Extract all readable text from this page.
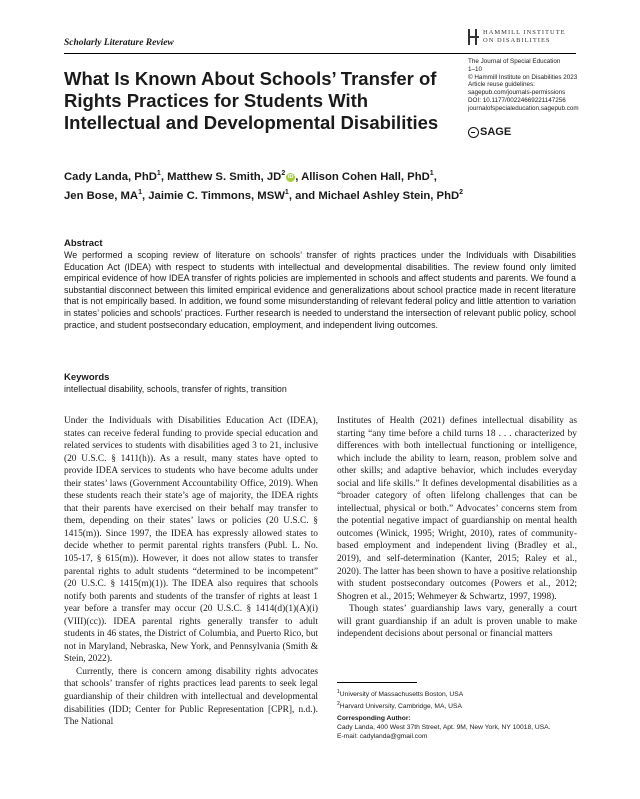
Scholarly Literature Review
HAMMILL INSTITUTE
ON DISABILITIES
The Journal of Special Education
1–10
© Hammill Institute on Disabilities 2023
Article reuse guidelines:
sagepub.com/journals-permissions
DOI: 10.1177/00224669221147256
journalofspecialeducation.sagepub.com
SAGE
What Is Known About Schools’ Transfer of Rights Practices for Students With Intellectual and Developmental Disabilities
Cady Landa, PhD$^1$, Matthew S. Smith, $JD^2$ iD , Allison Cohen Hall, PhD$^1$,
Jen Bose, $MA^1$, Jaimie C. Timmons, MSW$^1$, and Michael Ashley Stein, PhD$^2$
Abstract
We performed a scoping review of literature on schools’ transfer of rights practices under the Individuals with Disabilities Education Act (IDEA) with respect to students with intellectual and developmental disabilities. The review found only limited empirical evidence of how IDEA transfer of rights policies are implemented in schools and affect students and parents. We found a substantial disconnect between this limited empirical evidence and generalizations about school practice made in recent literature that is not empirically based. In addition, we found some misunderstanding of relevant federal policy and little attention to variation in states’ policies and schools’ practices. Further research is needed to understand the intersection of relevant public policy, school practice, and student postsecondary education, employment, and independent living outcomes.
Keywords
intellectual disability, schools, transfer of rights, transition

Under the Individuals with Disabilities Education Act (IDEA), states can receive federal funding to provide special education and related services to students with disabilities aged 3 to 21, inclusive (20 U.S.C. § 1411(h)). As a result, many states have opted to provide IDEA services to students who have become adults under their states’ laws (Government Accountability Office, 2019). When these students reach their state’s age of majority, the IDEA rights that their parents have exercised on their behalf may transfer to them, depending on their states’ laws or policies (20 U.S.C. § 1415(m)). Since 1997, the IDEA has expressly allowed states to decide whether to permit parental rights transfers (Publ. L. No. 105-17, § 615(m)). However, it does not allow states to transfer parental rights to adult students “determined to be incompetent” (20 U.S.C. § 1415(m)(1)). The IDEA also requires that schools notify both parents and students of the transfer of rights at least 1 year before a transfer may occur (20 U.S.C. § 1414(d)(1)(A)(i)(VIII)(cc)). IDEA parental rights generally transfer to adult students in 46 states, the District of Columbia, and Puerto Rico, but not in Maryland, Nebraska, New York, and Pennsylvania (Smith & Stein, 2022).

Currently, there is concern among disability rights advocates that schools’ transfer of rights practices lead parents to seek legal guardianship of their children with intellectual and developmental disabilities (IDD; Center for Public Representation [CPR], n.d.). The National

Institutes of Health (2021) defines intellectual disability as starting “any time before a child turns 18 . . . characterized by differences with both intellectual functioning or intelligence, which include the ability to learn, reason, problem solve and other skills; and adaptive behavior, which includes everyday social and life skills.” It defines developmental disabilities as a “broader category of often lifelong challenges that can be intellectual, physical or both.” Advocates’ concerns stem from the potential negative impact of guardianship on mental health outcomes (Winick, 1995; Wright, 2010), rates of community-based employment and independent living (Bradley et al., 2019), and self-determination (Kanter, 2015; Raley et al., 2020). The latter has been shown to have a positive relationship with student postsecondary outcomes (Powers et al., 2012; Shogren et al., 2015; Wehmeyer & Schwartz, 1997, 1998).

Though states’ guardianship laws vary, generally a court will grant guardianship if an adult is proven unable to make independent decisions about personal or financial matters

$^1$University of Massachusetts Boston, USA
$^2$Harvard University, Cambridge, MA, USA
Corresponding Author:
Cady Landa, 400 West 37th Street, Apt. 9M, New York, NY 10018, USA.
E-mail: cadylanda@gmail.com
